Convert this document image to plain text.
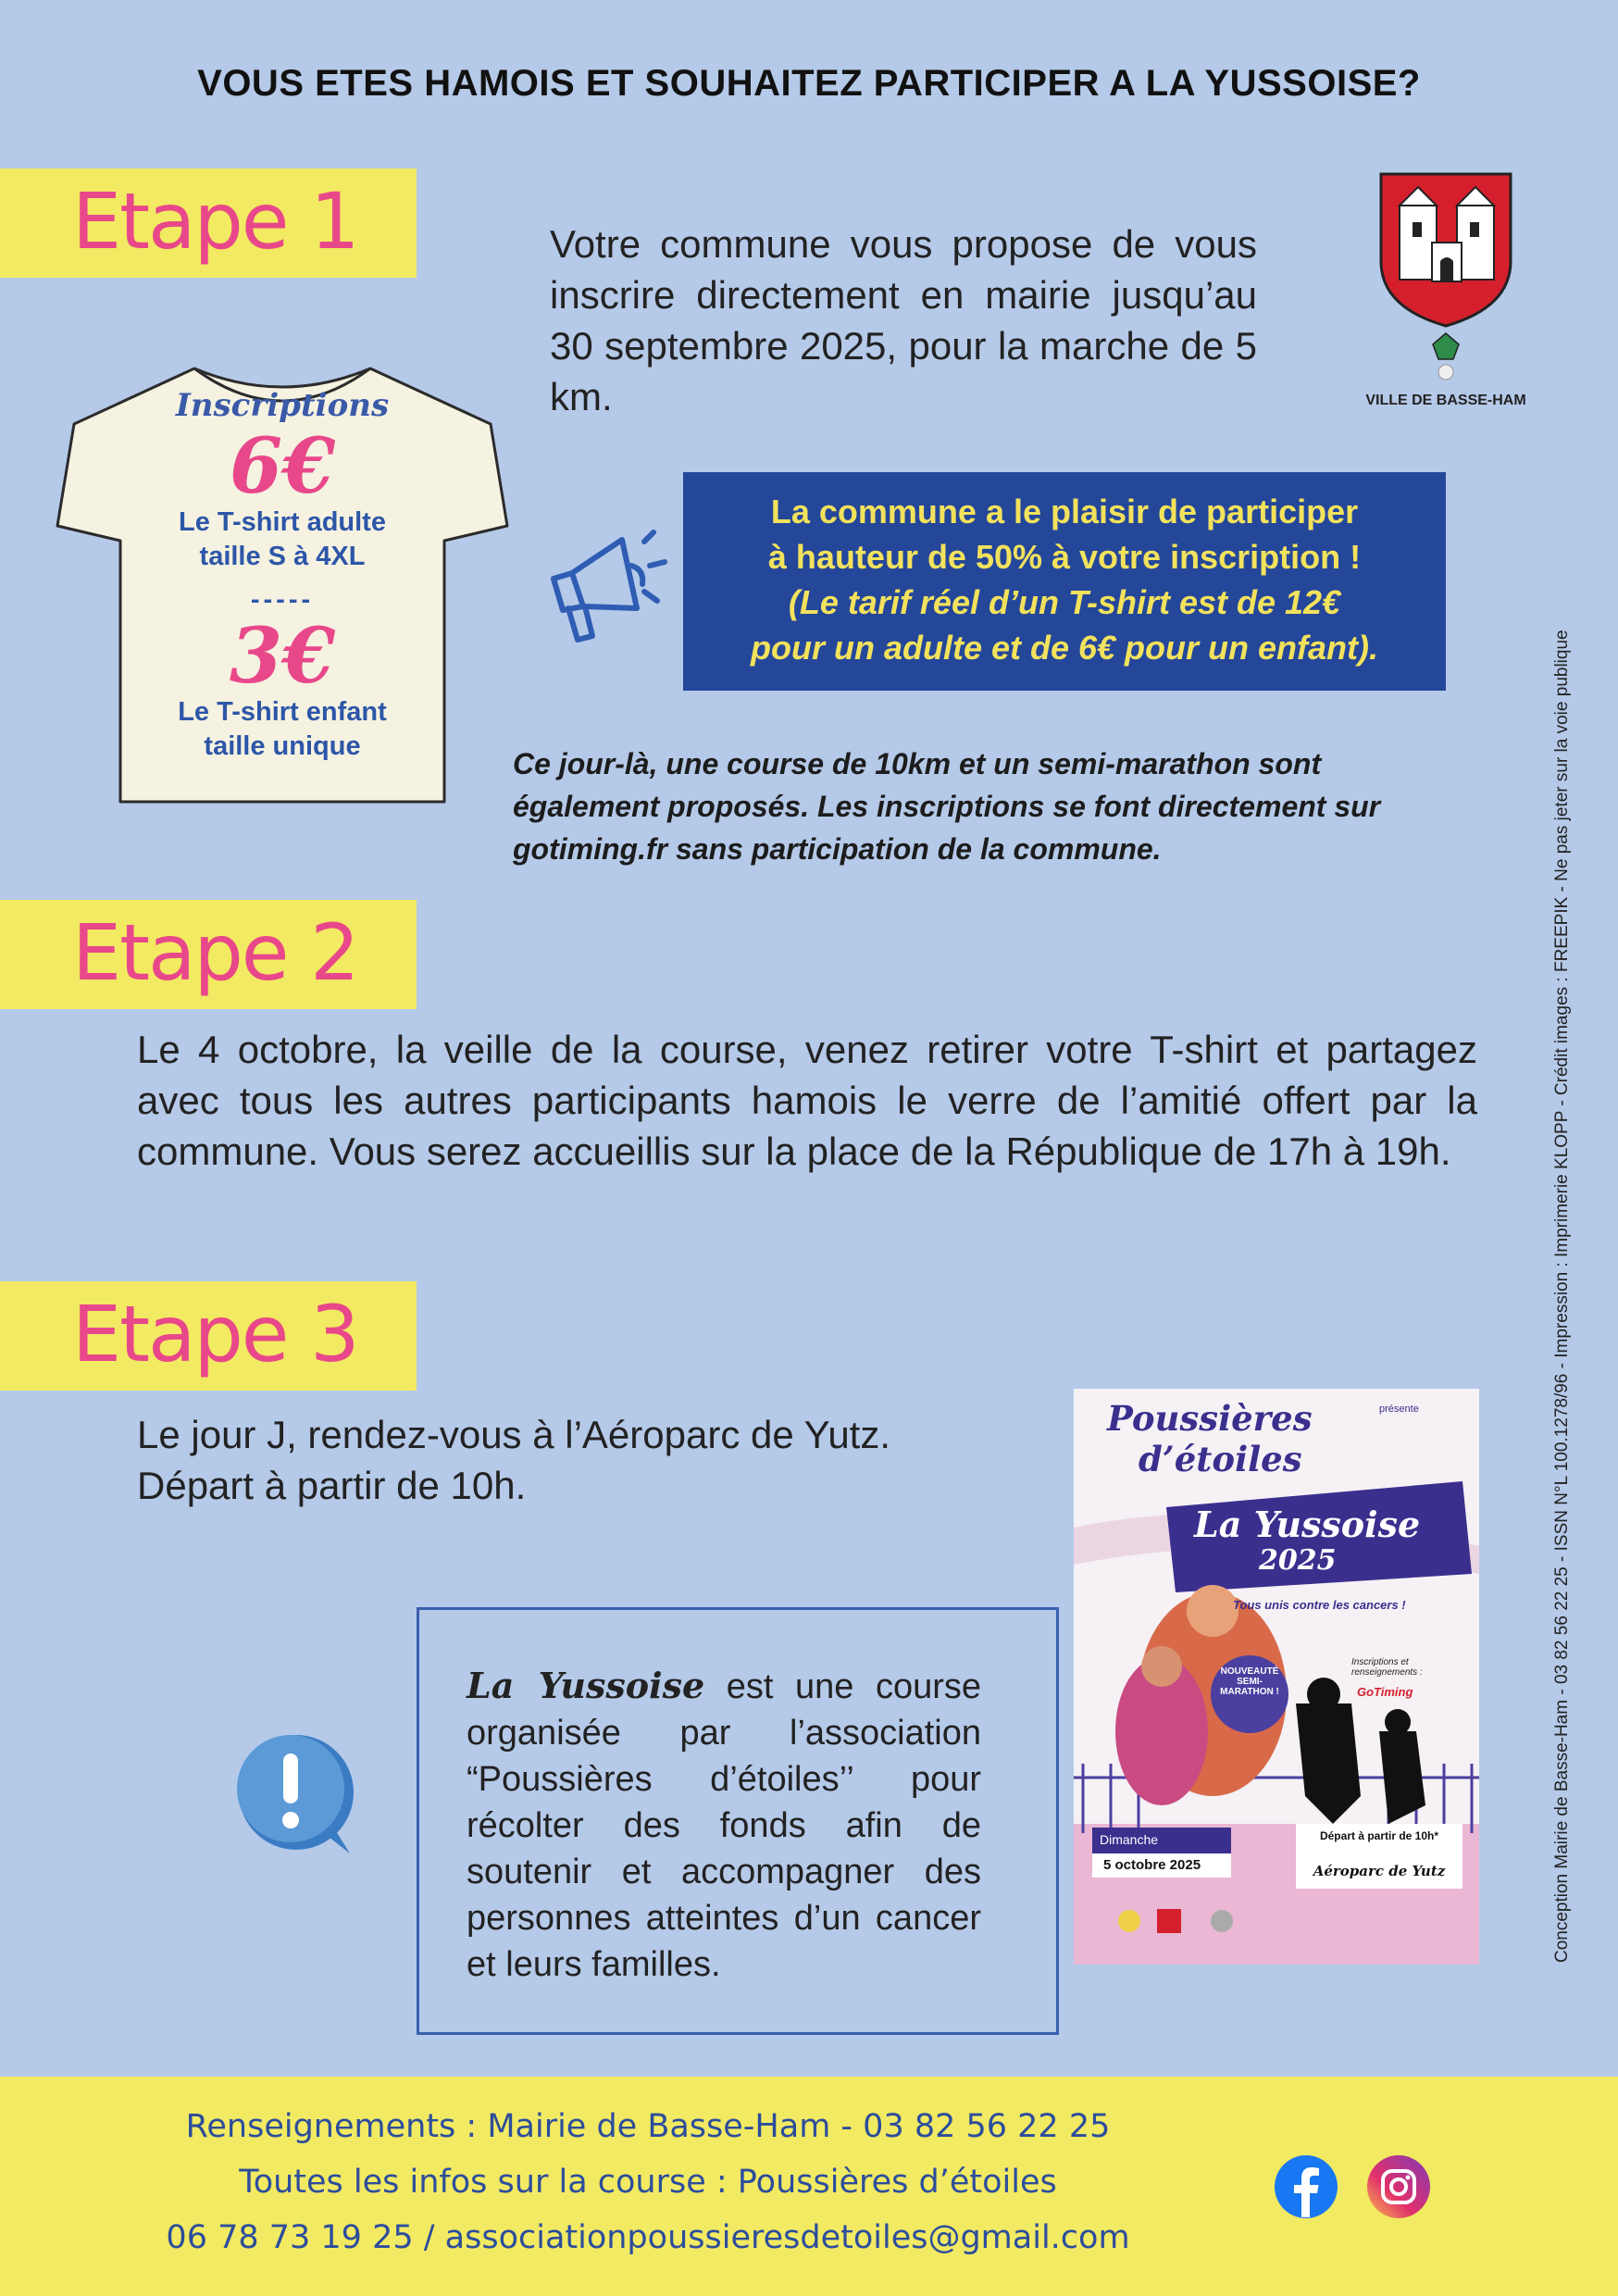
VOUS ETES HAMOIS ET SOUHAITEZ PARTICIPER A LA YUSSOISE?
Etape 1	Votre commune vous propose de vous inscrire directement en mairie jusqu’au 30 septembre 2025, pour la marche de 5 km.	VILLE DE BASSE-HAM
Inscriptions
6€
Le T-shirt adulte
taille S à 4XL
-----
3€
Le T-shirt enfant
taille unique
La commune a le plaisir de participer
à hauteur de 50% à votre inscription !
(Le tarif réel d’un T-shirt est de 12€
pour un adulte et de 6€ pour un enfant).
Ce jour-là, une course de 10km et un semi-marathon sont également proposés. Les inscriptions se font directement sur gotiming.fr sans participation de la commune.
Etape 2
Le 4 octobre, la veille de la course, venez retirer votre T-shirt et partagez avec tous les autres participants hamois le verre de l’amitié offert par la commune. Vous serez accueillis sur la place de la République de 17h à 19h.
Etape 3
Le jour J, rendez-vous à l’Aéroparc de Yutz.
Départ à partir de 10h.
La Yussoise est une course organisée par l’association “Poussières d’étoiles’’ pour récolter des fonds afin de soutenir et accompagner des personnes atteintes d’un cancer et leurs familles.
présente
Poussières
d’étoiles
La Yussoise
2025
Tous unis contre les cancers !
NOUVEAUTÉ SEMI-MARATHON !
Inscriptions et renseignements :
GoTiming
Dimanche
5 octobre 2025
Départ à partir de 10h*
Aéroparc de Yutz	Conception Mairie de Basse-Ham - 03 82 56 22 25 - ISSN N°L 100.1278/96 - Impression : Imprimerie KLOPP - Crédit images : FREEPIK - Ne pas jeter sur la voie publique
Renseignements : Mairie de Basse-Ham - 03 82 56 22 25
Toutes les infos sur la course : Poussières d’étoiles
06 78 73 19 25 / associationpoussieresdetoiles@gmail.com
